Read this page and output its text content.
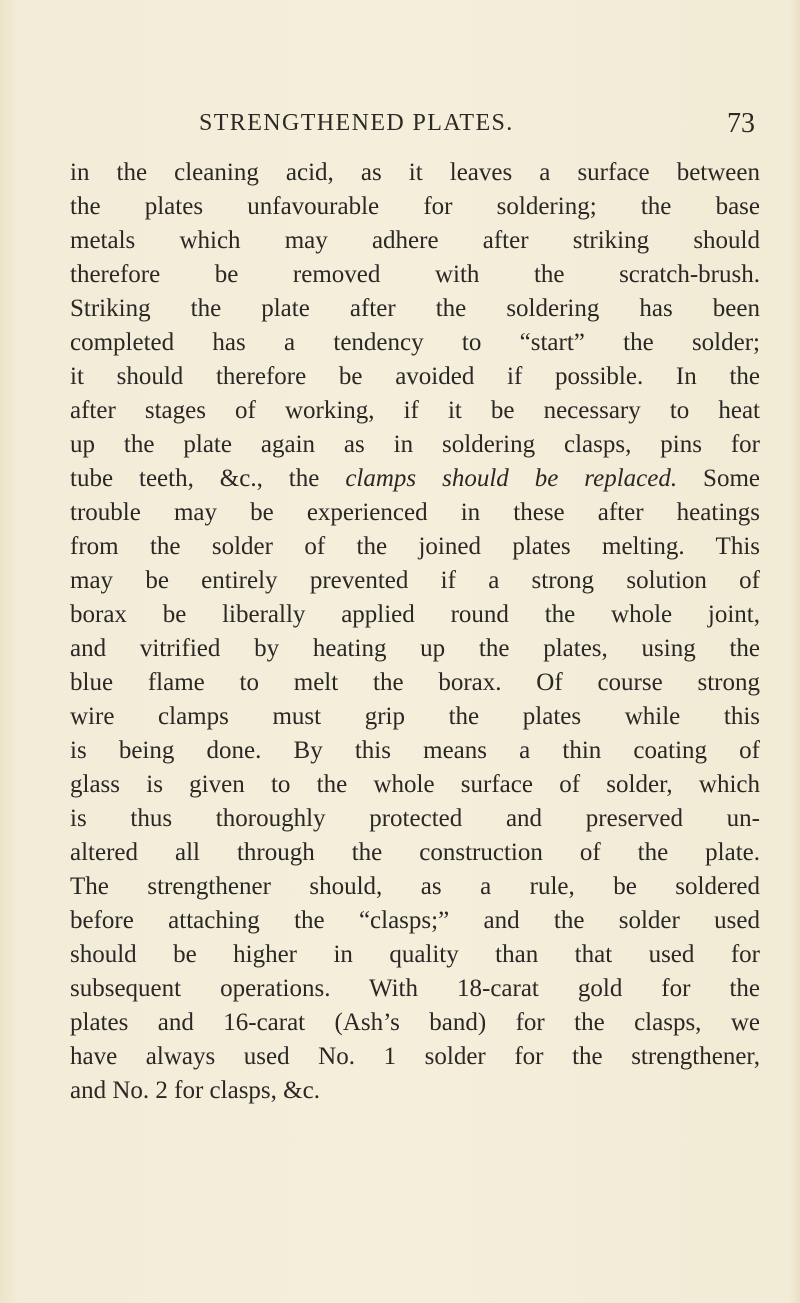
STRENGTHENED PLATES.	73
in the cleaning acid, as it leaves a surface between
the plates unfavourable for soldering; the base
metals which may adhere after striking should
therefore be removed with the scratch-brush.
Striking the plate after the soldering has been
completed has a tendency to “start” the solder;
it should therefore be avoided if possible. In the
after stages of working, if it be necessary to heat
up the plate again as in soldering clasps, pins for
tube teeth, &c., the clamps should be replaced. Some
trouble may be experienced in these after heatings
from the solder of the joined plates melting. This
may be entirely prevented if a strong solution of
borax be liberally applied round the whole joint,
and vitrified by heating up the plates, using the
blue flame to melt the borax. Of course strong
wire clamps must grip the plates while this
is being done. By this means a thin coating of
glass is given to the whole surface of solder, which
is thus thoroughly protected and preserved un-
altered all through the construction of the plate.
The strengthener should, as a rule, be soldered
before attaching the “clasps;” and the solder used
should be higher in quality than that used for
subsequent operations. With 18-carat gold for the
plates and 16-carat (Ash’s band) for the clasps, we
have always used No. 1 solder for the strengthener,
and No. 2 for clasps, &c.
